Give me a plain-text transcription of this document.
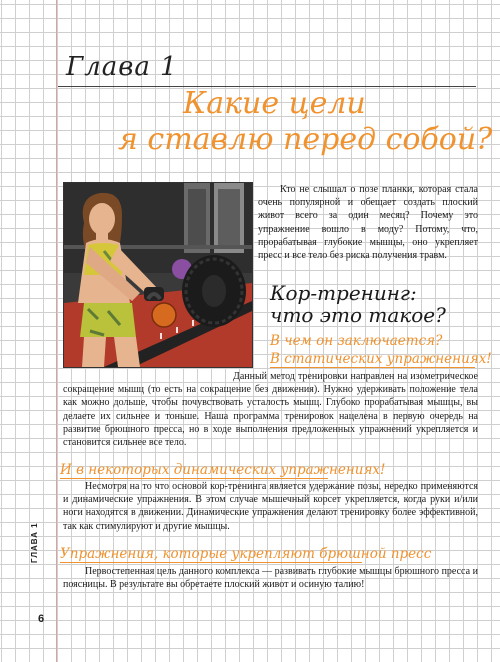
Глава 1
Какие цели
я ставлю перед собой?

Кто не слышал о позе планки, которая стала очень популярной и обещает создать плоский живот всего за один месяц? Почему это упражнение вошло в моду? Потому, что, прорабатывая глубокие мышцы, оно укрепляет пресс и все тело без риска получения травм.

Кор-тренинг:
что это такое?
В чем он заключается?
В статических упражнениях!

Данный метод тренировки направлен на изометрическое сокращение мышц (то есть на сокращение без движения). Нужно удерживать положение тела как можно дольше, чтобы почувствовать усталость мышц. Глубоко прорабатывая мышцы, вы делаете их сильнее и тоньше. Наша программа тренировок нацелена в первую очередь на развитие брюшного пресса, но в ходе выполнения предложенных упражнений укрепляется и становится сильнее все тело.

И в некоторых динамических упражнениях!

Несмотря на то что основой кор-тренинга является удержание позы, нередко применяются и динамические упражнения. В этом случае мышечный корсет укрепляется, когда руки и/или ноги находятся в движении. Динамические упражнения делают тренировку более эффективной, так как стимулируют и другие мышцы.

Упражнения, которые укрепляют брюшной пресс

Первостепенная цель данного комплекса — развивать глубокие мышцы брюшного пресса и поясницы. В результате вы обретаете плоский живот и осиную талию!

ГЛАВА 1
6
